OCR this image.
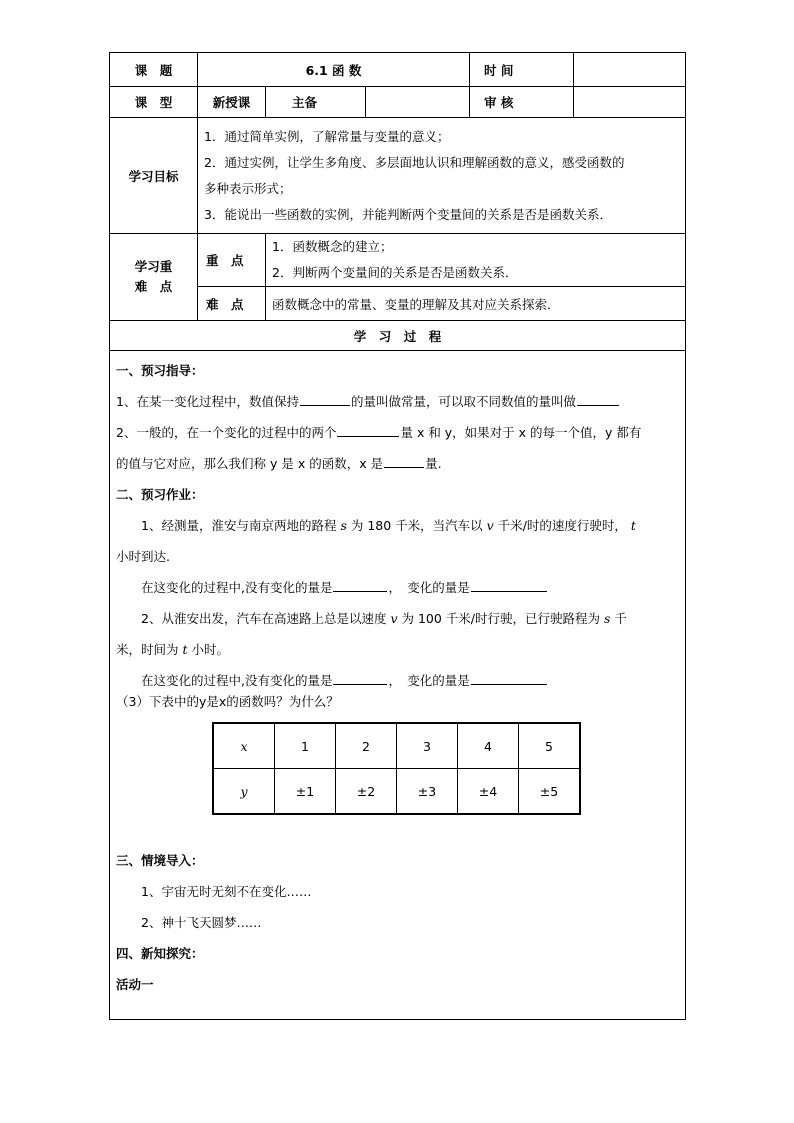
课　题	6.1 函 数	时 间	
课　型	新授课	主备		审 核	
学习目标	

1．通过简单实例，了解常量与变量的意义；

2．通过实例，让学生多角度、多层面地认识和理解函数的意义，感受函数的

多种表示形式；

3．能说出一些函数的实例，并能判断两个变量间的关系是否是函数关系．

学习重
难　点
	重　点	

1．函数概念的建立；

2．判断两个变量间的关系是否是函数关系．

难　点	函数概念中的常量、变量的理解及其对应关系探索．
学　习　过　程

一、预习指导：
1、在某一变化过程中，数值保持	的量叫做常量，可以取不同数值的量叫做
2、一般的，在一个变化的过程中的两个	量 x 和 y，如果对于 x 的每一个值，y 都有
的值与它对应，那么我们称 y 是 x 的函数，x 是	量.
二、预习作业：
1、经测量，淮安与南京两地的路程 s 为 180 千米，当汽车以 v 千米/时的速度行驶时， t
小时到达.
在这变化的过程中,没有变化的量是	，　变化的量是
2、从淮安出发，汽车在高速路上总是以速度 v 为 100 千米/时行驶，已行驶路程为 s 千
米，时间为 t 小时。
在这变化的过程中,没有变化的量是	，　变化的量是
（3）下表中的y是x的函数吗？为什么？
x	1	2	3	4	5
y	±1	±2	±3	±4	±5
三、情境导入：
1、宇宙无时无刻不在变化……
2、神十飞天圆梦……
四、新知探究：
活动一
